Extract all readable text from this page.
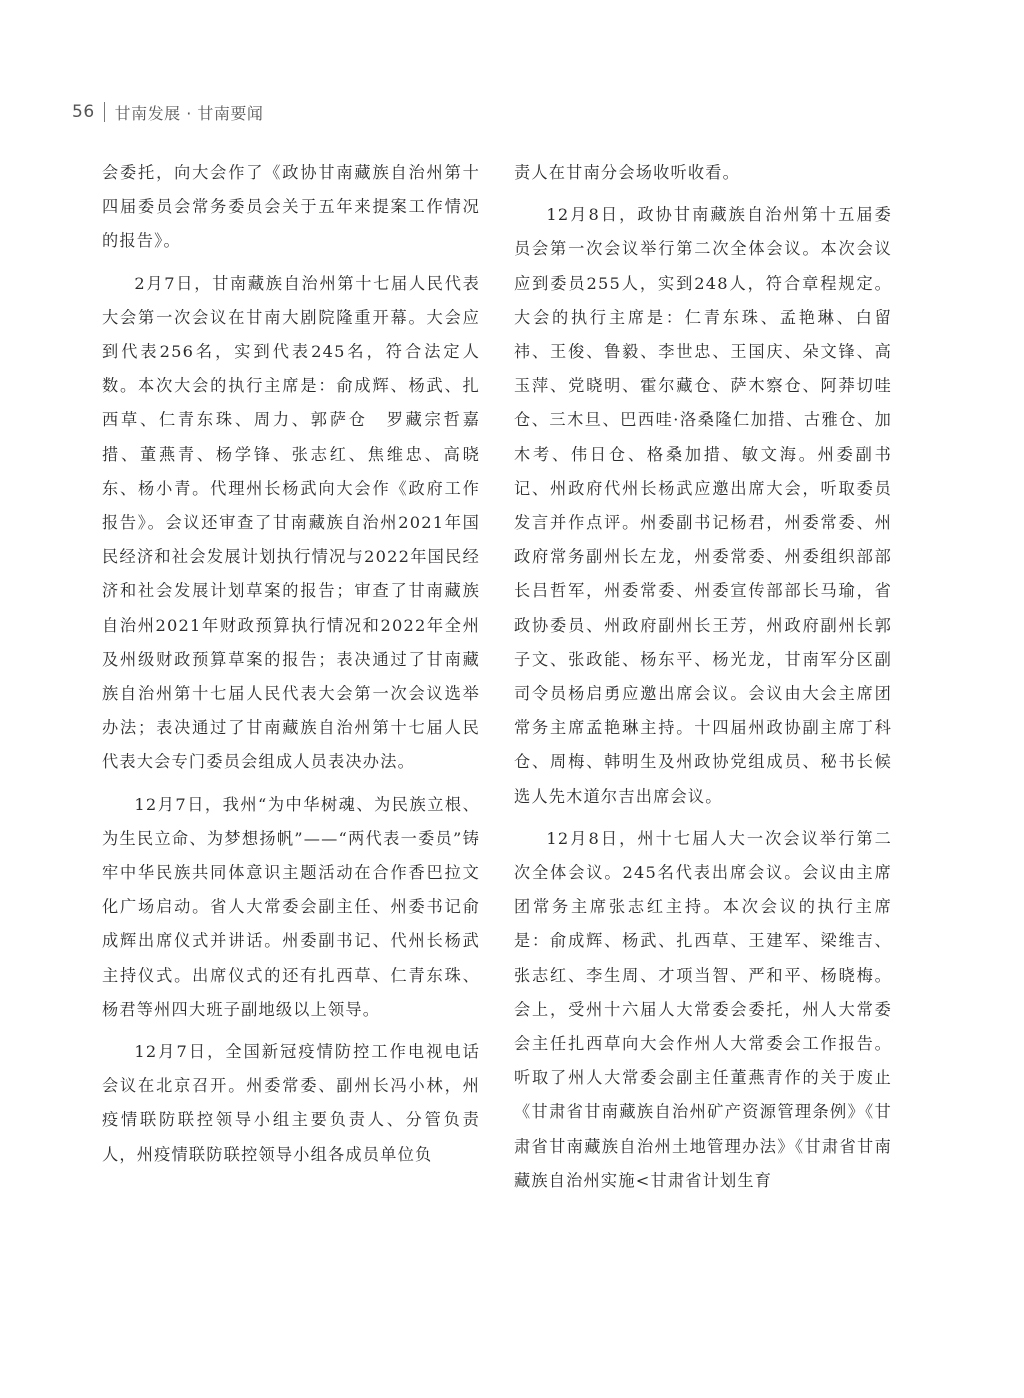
56 甘南发展 · 甘南要闻

会委托，向大会作了《政协甘南藏族自治州第十四届委员会常务委员会关于五年来提案工作情况的报告》。

2月7日，甘南藏族自治州第十七届人民代表大会第一次会议在甘南大剧院隆重开幕。大会应到代表256名，实到代表245名，符合法定人数。本次大会的执行主席是：俞成辉、杨武、扎西草、仁青东珠、周力、郭萨仓　罗藏宗哲嘉措、董燕青、杨学锋、张志红、焦维忠、高晓东、杨小青。代理州长杨武向大会作《政府工作报告》。会议还审查了甘南藏族自治州2021年国民经济和社会发展计划执行情况与2022年国民经济和社会发展计划草案的报告；审查了甘南藏族自治州2021年财政预算执行情况和2022年全州及州级财政预算草案的报告；表决通过了甘南藏族自治州第十七届人民代表大会第一次会议选举办法；表决通过了甘南藏族自治州第十七届人民代表大会专门委员会组成人员表决办法。

12月7日，我州“为中华树魂、为民族立根、为生民立命、为梦想扬帆”——“两代表一委员”铸牢中华民族共同体意识主题活动在合作香巴拉文化广场启动。省人大常委会副主任、州委书记俞成辉出席仪式并讲话。州委副书记、代州长杨武主持仪式。出席仪式的还有扎西草、仁青东珠、杨君等州四大班子副地级以上领导。

12月7日，全国新冠疫情防控工作电视电话会议在北京召开。州委常委、副州长冯小林，州疫情联防联控领导小组主要负责人、分管负责人，州疫情联防联控领导小组各成员单位负

责人在甘南分会场收听收看。

12月8日，政协甘南藏族自治州第十五届委员会第一次会议举行第二次全体会议。本次会议应到委员255人，实到248人，符合章程规定。大会的执行主席是：仁青东珠、孟艳琳、白留祎、王俊、鲁毅、李世忠、王国庆、朵文锋、高玉萍、党晓明、霍尔藏仓、萨木察仓、阿莽切哇仓、三木旦、巴西哇·洛桑隆仁加措、古雅仓、加木考、伟日仓、格桑加措、敏文海。州委副书记、州政府代州长杨武应邀出席大会，听取委员发言并作点评。州委副书记杨君，州委常委、州政府常务副州长左龙，州委常委、州委组织部部长吕哲军，州委常委、州委宣传部部长马瑜，省政协委员、州政府副州长王芳，州政府副州长郭子文、张政能、杨东平、杨光龙，甘南军分区副司令员杨启勇应邀出席会议。会议由大会主席团常务主席孟艳琳主持。十四届州政协副主席丁科仓、周梅、韩明生及州政协党组成员、秘书长候选人先木道尔吉出席会议。

12月8日，州十七届人大一次会议举行第二次全体会议。245名代表出席会议。会议由主席团常务主席张志红主持。本次会议的执行主席是：俞成辉、杨武、扎西草、王建军、梁维吉、张志红、李生周、才项当智、严和平、杨晓梅。会上，受州十六届人大常委会委托，州人大常委会主任扎西草向大会作州人大常委会工作报告。听取了州人大常委会副主任董燕青作的关于废止《甘肃省甘南藏族自治州矿产资源管理条例》《甘肃省甘南藏族自治州土地管理办法》《甘肃省甘南藏族自治州实施<甘肃省计划生育
